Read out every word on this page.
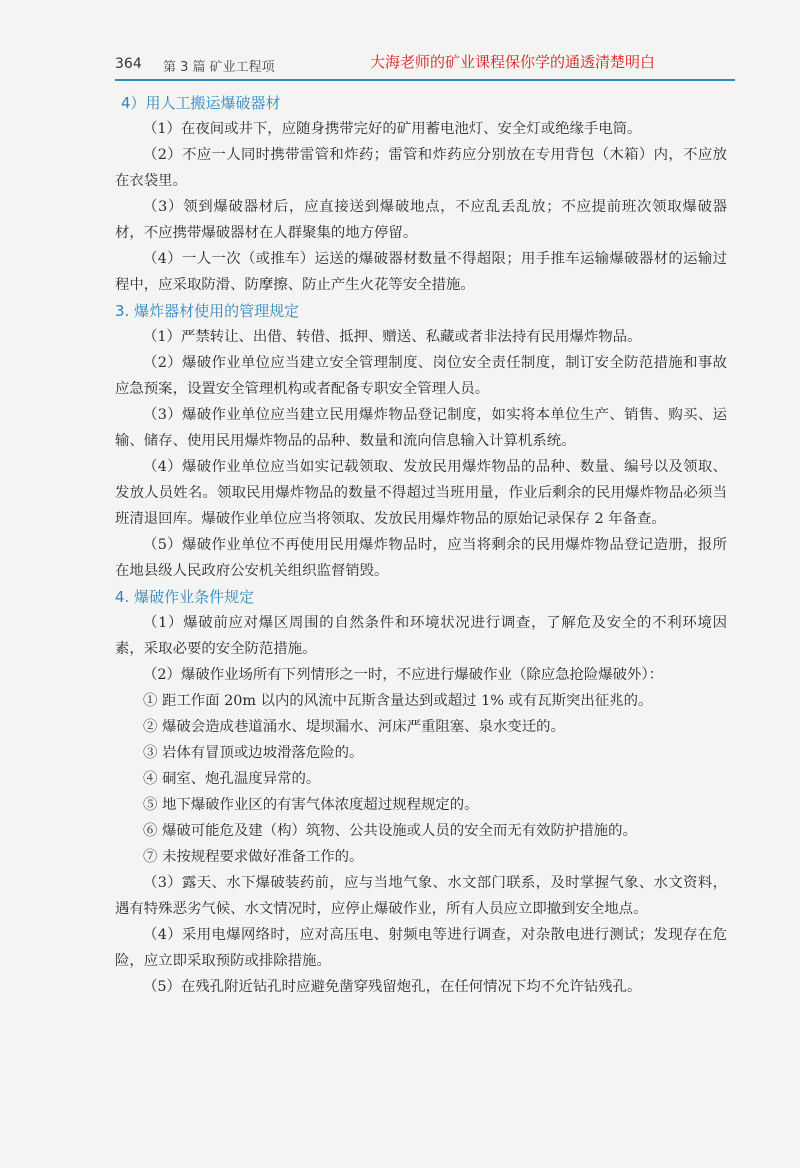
364 第 3 篇 矿业工程项	大海老师的矿业课程保你学的通透清楚明白

4）用人工搬运爆破器材

（1）在夜间或井下，应随身携带完好的矿用蓄电池灯、安全灯或绝缘手电筒。

（2）不应一人同时携带雷管和炸药；雷管和炸药应分别放在专用背包（木箱）内，不应放在衣袋里。

（3）领到爆破器材后，应直接送到爆破地点，不应乱丢乱放；不应提前班次领取爆破器材，不应携带爆破器材在人群聚集的地方停留。

（4）一人一次（或推车）运送的爆破器材数量不得超限；用手推车运输爆破器材的运输过程中，应采取防滑、防摩擦、防止产生火花等安全措施。

3. 爆炸器材使用的管理规定

（1）严禁转让、出借、转借、抵押、赠送、私藏或者非法持有民用爆炸物品。

（2）爆破作业单位应当建立安全管理制度、岗位安全责任制度，制订安全防范措施和事故应急预案，设置安全管理机构或者配备专职安全管理人员。

（3）爆破作业单位应当建立民用爆炸物品登记制度，如实将本单位生产、销售、购买、运输、储存、使用民用爆炸物品的品种、数量和流向信息输入计算机系统。

（4）爆破作业单位应当如实记载领取、发放民用爆炸物品的品种、数量、编号以及领取、发放人员姓名。领取民用爆炸物品的数量不得超过当班用量，作业后剩余的民用爆炸物品必须当班清退回库。爆破作业单位应当将领取、发放民用爆炸物品的原始记录保存 2 年备查。

（5）爆破作业单位不再使用民用爆炸物品时，应当将剩余的民用爆炸物品登记造册，报所在地县级人民政府公安机关组织监督销毁。

4. 爆破作业条件规定

（1）爆破前应对爆区周围的自然条件和环境状况进行调查，了解危及安全的不利环境因素，采取必要的安全防范措施。

（2）爆破作业场所有下列情形之一时，不应进行爆破作业（除应急抢险爆破外）：

① 距工作面 20m 以内的风流中瓦斯含量达到或超过 1% 或有瓦斯突出征兆的。

② 爆破会造成巷道涌水、堤坝漏水、河床严重阻塞、泉水变迁的。

③ 岩体有冒顶或边坡滑落危险的。

④ 硐室、炮孔温度异常的。

⑤ 地下爆破作业区的有害气体浓度超过规程规定的。

⑥ 爆破可能危及建（构）筑物、公共设施或人员的安全而无有效防护措施的。

⑦ 未按规程要求做好准备工作的。

（3）露天、水下爆破装药前，应与当地气象、水文部门联系，及时掌握气象、水文资料，遇有特殊恶劣气候、水文情况时，应停止爆破作业，所有人员应立即撤到安全地点。

（4）采用电爆网络时，应对高压电、射频电等进行调查，对杂散电进行测试；发现存在危险，应立即采取预防或排除措施。

（5）在残孔附近钻孔时应避免凿穿残留炮孔，在任何情况下均不允许钻残孔。
